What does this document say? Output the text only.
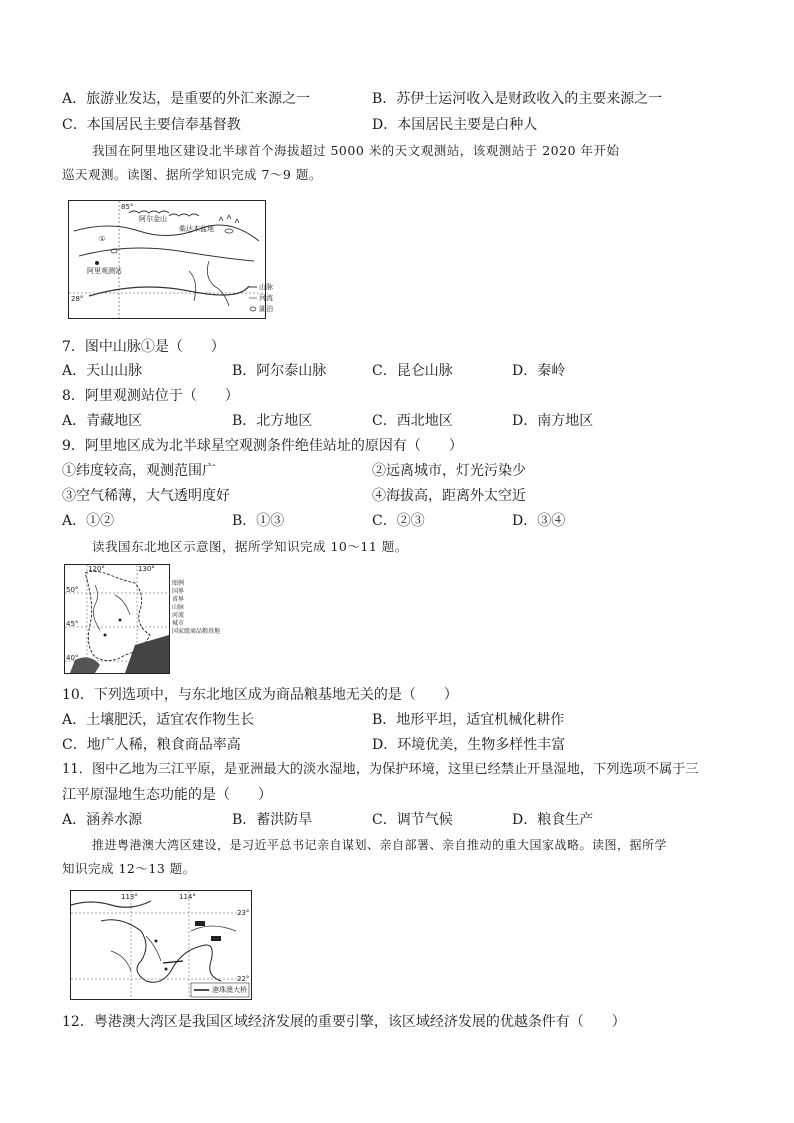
A．旅游业发达，是重要的外汇来源之一	B．苏伊士运河收入是财政收入的主要来源之一
C．本国居民主要信奉基督教	D．本国居民主要是白种人
我国在阿里地区建设北半球首个海拔超过 5000 米的天文观测站，该观测站于 2020 年开始
巡天观测。读图、据所学知识完成 7～9 题。
85°
28°
柴达木盆地
阿尔金山
①
阿里观测站
山脉
河流
湖泊
7．图中山脉①是（　　）
A．天山山脉	B．阿尔泰山脉	C．昆仑山脉	D．秦岭
8．阿里观测站位于（　　）
A．青藏地区	B．北方地区	C．西北地区	D．南方地区
9．阿里地区成为北半球星空观测条件绝佳站址的原因有（　　）
①纬度较高，观测范围广	②远离城市，灯光污染少
③空气稀薄，大气透明度好	④海拔高，距离外太空近
A．①②	B．①③	C．②③	D．③④
读我国东北地区示意图，据所学知识完成 10～11 题。
120°	130°
50°
45°
40°
图例
国界
省界
山脉
河流
城市
国家级商品粮基地
10．下列选项中，与东北地区成为商品粮基地无关的是（　　）
A．土壤肥沃，适宜农作物生长	B．地形平坦，适宜机械化耕作
C．地广人稀，粮食商品率高	D．环境优美，生物多样性丰富
11．图中乙地为三江平原，是亚洲最大的淡水湿地，为保护环境，这里已经禁止开垦湿地，下列选项不属于三
江平原湿地生态功能的是（　　）
A．涵养水源	B．蓄洪防旱	C．调节气候	D．粮食生产
推进粤港澳大湾区建设，是习近平总书记亲自谋划、亲自部署、亲自推动的重大国家战略。读图，据所学
知识完成 12～13 题。
113°	114°
23°
22°
港珠澳大桥
12．粤港澳大湾区是我国区域经济发展的重要引擎，该区域经济发展的优越条件有（　　）
